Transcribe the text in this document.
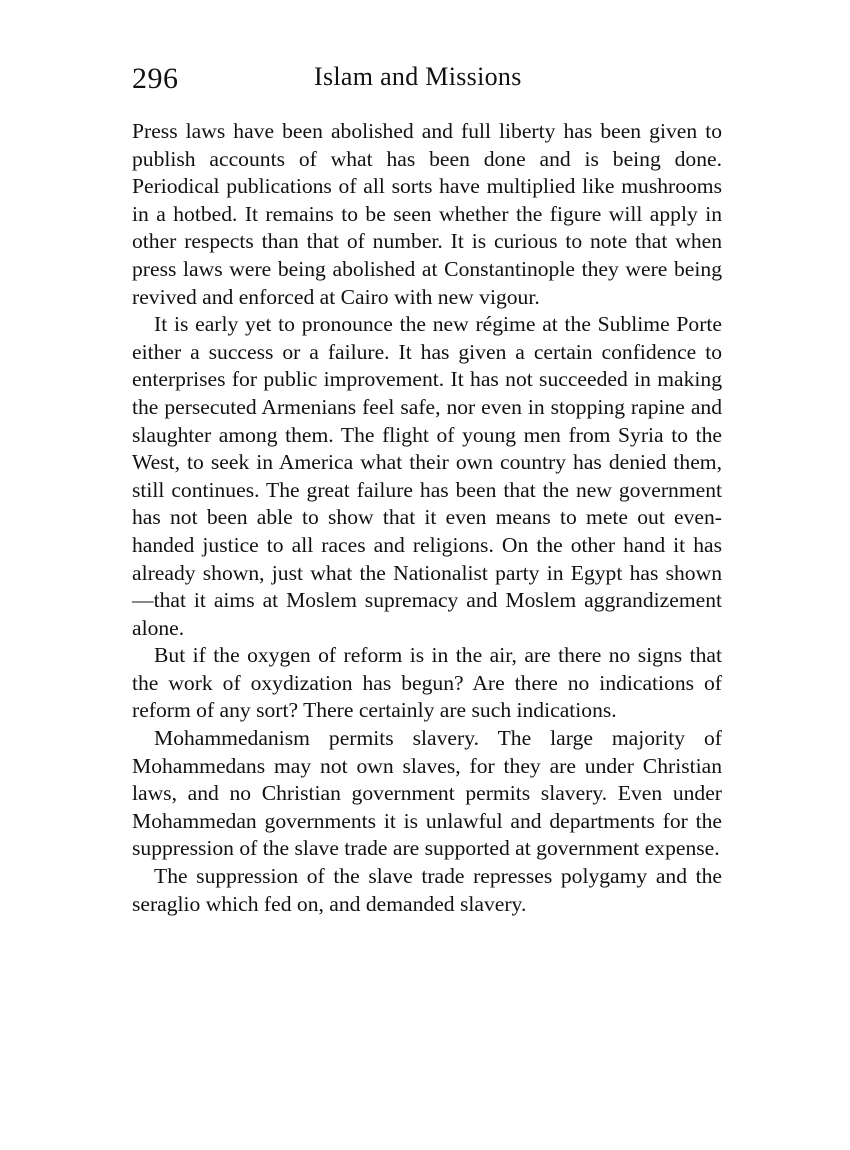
296	Islam and Missions

Press laws have been abolished and full liberty has been given to publish accounts of what has been done and is being done. Periodical publications of all sorts have multiplied like mushrooms in a hotbed. It remains to be seen whether the figure will apply in other respects than that of number. It is curious to note that when press laws were being abolished at Constantinople they were being revived and enforced at Cairo with new vigour.

It is early yet to pronounce the new régime at the Sublime Porte either a success or a failure. It has given a certain confidence to enterprises for public improvement. It has not succeeded in making the persecuted Armenians feel safe, nor even in stopping rapine and slaughter among them. The flight of young men from Syria to the West, to seek in America what their own country has denied them, still continues. The great failure has been that the new government has not been able to show that it even means to mete out even-handed justice to all races and religions. On the other hand it has already shown, just what the Nationalist party in Egypt has shown—that it aims at Moslem supremacy and Moslem aggrandizement alone.

But if the oxygen of reform is in the air, are there no signs that the work of oxydization has begun? Are there no indications of reform of any sort? There certainly are such indications.

Mohammedanism permits slavery. The large majority of Mohammedans may not own slaves, for they are under Christian laws, and no Christian government permits slavery. Even under Mohammedan governments it is unlawful and departments for the suppression of the slave trade are supported at government expense.

The suppression of the slave trade represses polygamy and the seraglio which fed on, and demanded slavery.
